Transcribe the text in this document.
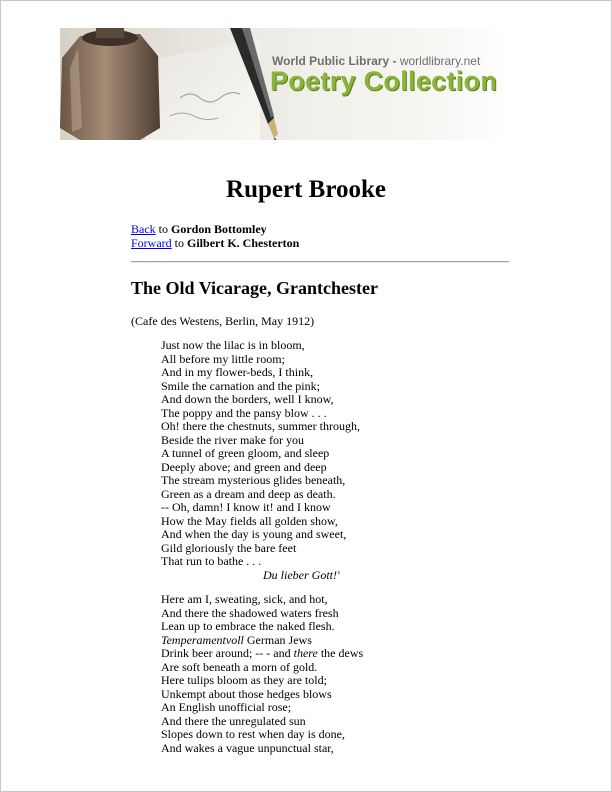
World Public Library - worldlibrary.net
Poetry Collection
Rupert Brooke
Back to Gordon Bottomley
Forward to Gilbert K. Chesterton
The Old Vicarage, Grantchester
(Cafe des Westens, Berlin, May 1912)
Just now the lilac is in bloom,
All before my little room;
And in my flower-beds, I think,
Smile the carnation and the pink;
And down the borders, well I know,
The poppy and the pansy blow . . .
Oh! there the chestnuts, summer through,
Beside the river make for you
A tunnel of green gloom, and sleep
Deeply above; and green and deep
The stream mysterious glides beneath,
Green as a dream and deep as death.
-- Oh, damn! I know it! and I know
How the May fields all golden show,
And when the day is young and sweet,
Gild gloriously the bare feet
That run to bathe . . .
Du lieber Gott!'
Here am I, sweating, sick, and hot,
And there the shadowed waters fresh
Lean up to embrace the naked flesh.
Temperamentvoll German Jews
Drink beer around; -- - and there the dews
Are soft beneath a morn of gold.
Here tulips bloom as they are told;
Unkempt about those hedges blows
An English unofficial rose;
And there the unregulated sun
Slopes down to rest when day is done,
And wakes a vague unpunctual star,
